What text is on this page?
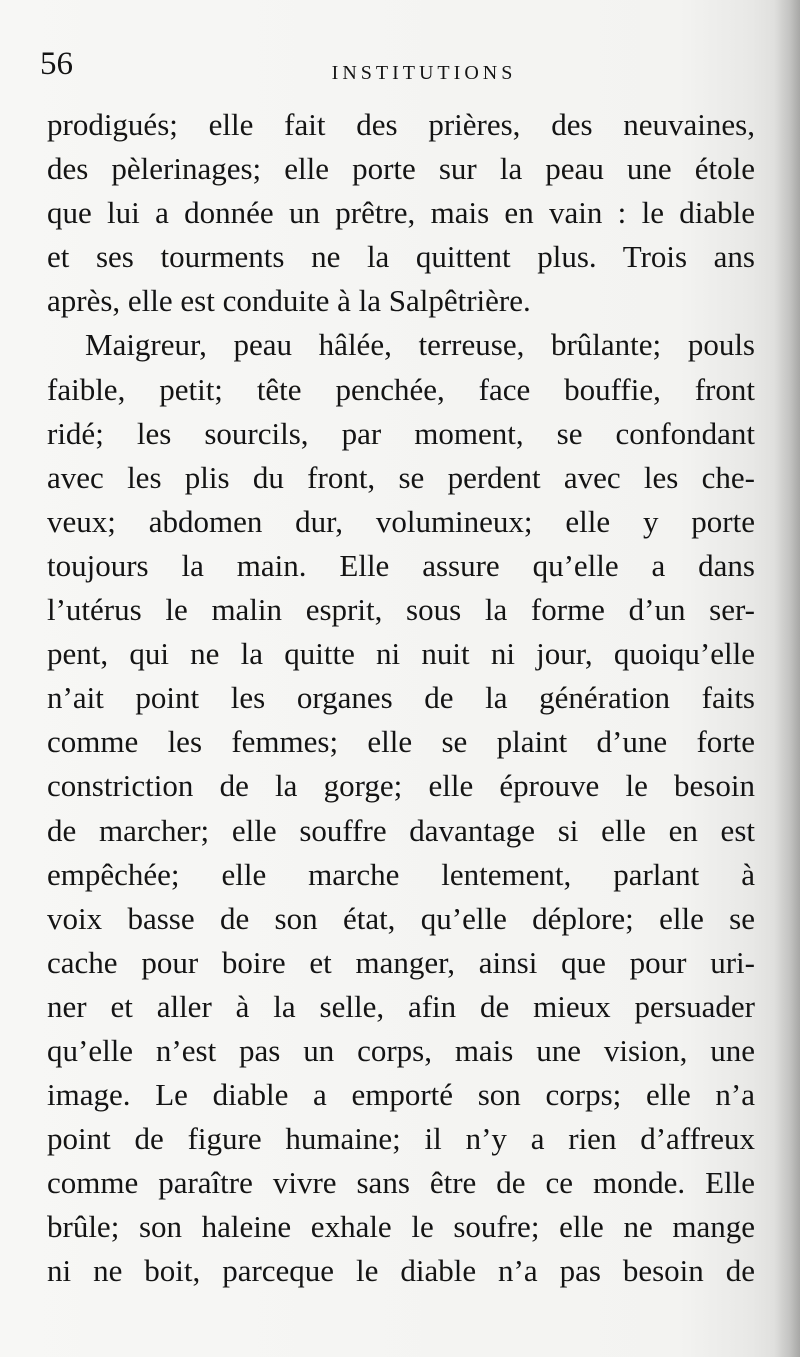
56	INSTITUTIONS
prodigués; elle fait des prières, des neuvaines,
des pèlerinages; elle porte sur la peau une étole
que lui a donnée un prêtre, mais en vain : le diable
et ses tourments ne la quittent plus. Trois ans
après, elle est conduite à la Salpêtrière.
Maigreur, peau hâlée, terreuse, brûlante; pouls
faible, petit; tête penchée, face bouffie, front
ridé; les sourcils, par moment, se confondant
avec les plis du front, se perdent avec les che-
veux; abdomen dur, volumineux; elle y porte
toujours la main. Elle assure qu’elle a dans
l’utérus le malin esprit, sous la forme d’un ser-
pent, qui ne la quitte ni nuit ni jour, quoiqu’elle
n’ait point les organes de la génération faits
comme les femmes; elle se plaint d’une forte
constriction de la gorge; elle éprouve le besoin
de marcher; elle souffre davantage si elle en est
empêchée; elle marche lentement, parlant à
voix basse de son état, qu’elle déplore; elle se
cache pour boire et manger, ainsi que pour uri-
ner et aller à la selle, afin de mieux persuader
qu’elle n’est pas un corps, mais une vision, une
image. Le diable a emporté son corps; elle n’a
point de figure humaine; il n’y a rien d’affreux
comme paraître vivre sans être de ce monde. Elle
brûle; son haleine exhale le soufre; elle ne mange
ni ne boit, parceque le diable n’a pas besoin de
